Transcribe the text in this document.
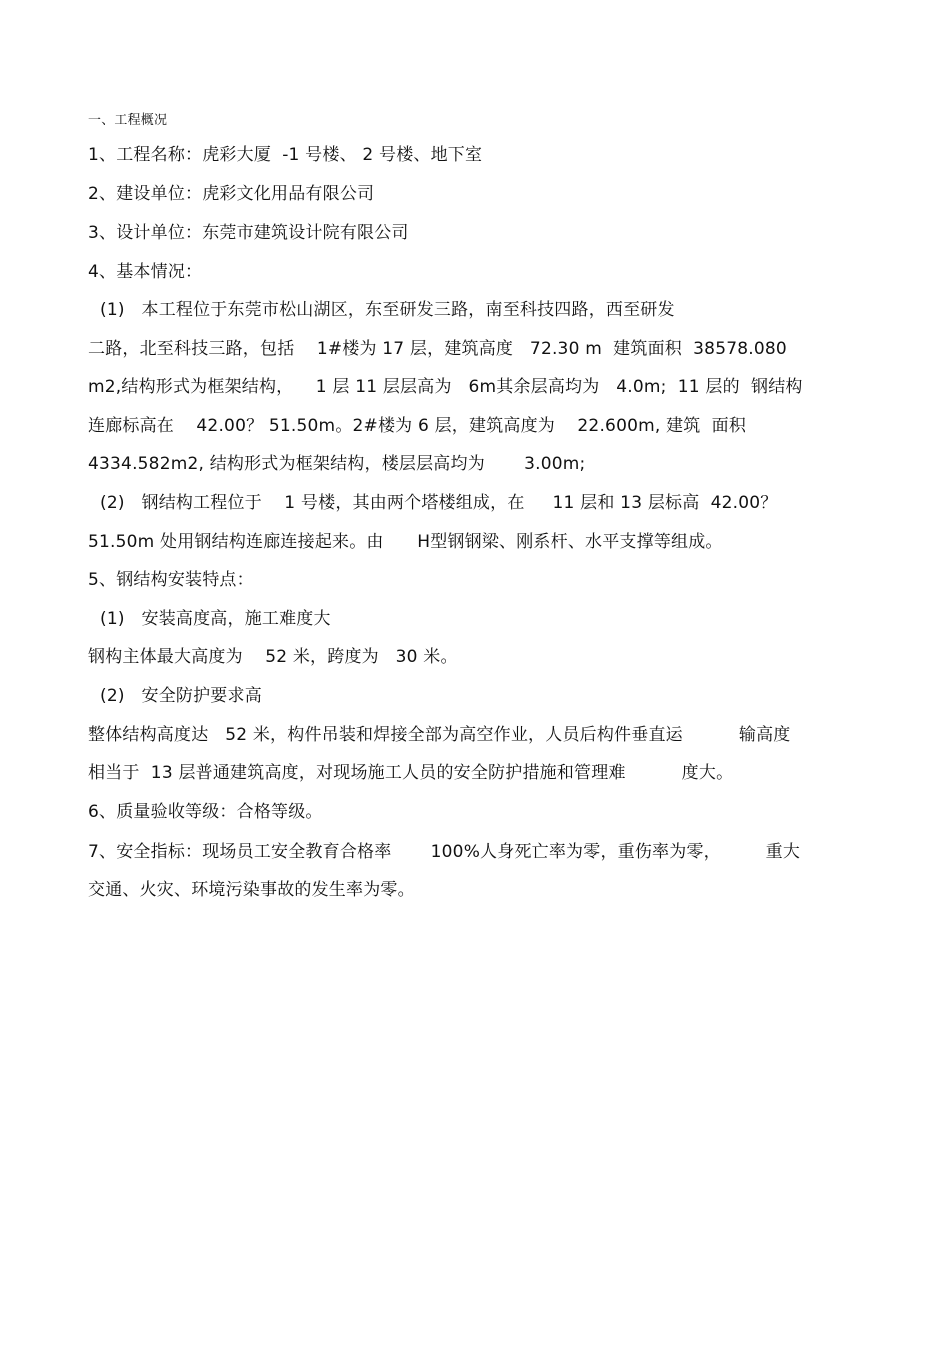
一、工程概况
1、工程名称：虎彩大厦  -1 号楼、 2 号楼、地下室
2、建设单位：虎彩文化用品有限公司
3、设计单位：东莞市建筑设计院有限公司
4、基本情况：
(1)   本工程位于东莞市松山湖区，东至研发三路，南至科技四路，西至研发
二路，北至科技三路，包括    1#楼为 17 层，建筑高度   72.30 m  建筑面积  38578.080
m2,结构形式为框架结构，    1 层 11 层层高为   6m其余层高均为   4.0m;  11 层的  钢结构
连廊标高在    42.00？ 51.50m。2#楼为 6 层，建筑高度为    22.600m, 建筑  面积
4334.582m2, 结构形式为框架结构，楼层层高均为       3.00m;
(2)   钢结构工程位于    1 号楼，其由两个塔楼组成，在     11 层和 13 层标高  42.00？
51.50m 处用钢结构连廊连接起来。由      H型钢钢梁、刚系杆、水平支撑等组成。
5、钢结构安装特点：
(1)   安装高度高，施工难度大
钢构主体最大高度为    52 米，跨度为   30 米。
(2)   安全防护要求高
整体结构高度达   52 米，构件吊装和焊接全部为高空作业，人员后构件垂直运          输高度
相当于  13 层普通建筑高度，对现场施工人员的安全防护措施和管理难          度大。
6、质量验收等级：合格等级。
7、安全指标：现场员工安全教育合格率       100%人身死亡率为零，重伤率为零，        重大
交通、火灾、环境污染事故的发生率为零。
